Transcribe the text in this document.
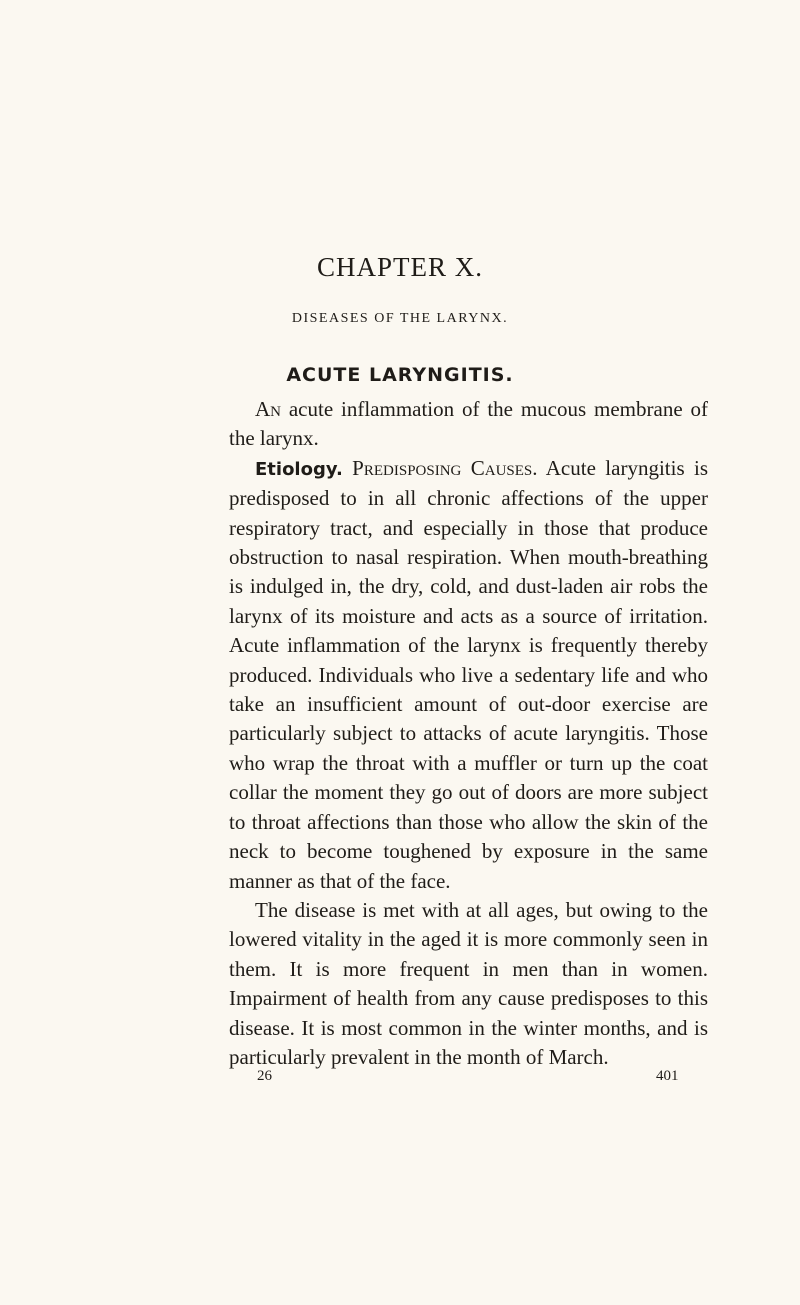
CHAPTER X.
DISEASES OF THE LARYNX.
ACUTE LARYNGITIS.

An acute inflammation of the mucous membrane of the larynx.

Etiology. Predisposing Causes. Acute laryngitis is predisposed to in all chronic affections of the upper respiratory tract, and especially in those that produce obstruction to nasal respiration. When mouth-breathing is indulged in, the dry, cold, and dust-laden air robs the larynx of its moisture and acts as a source of irritation. Acute inflammation of the larynx is frequently thereby produced. Individuals who live a sedentary life and who take an insufficient amount of out-door exercise are particularly subject to attacks of acute laryngitis. Those who wrap the throat with a muffler or turn up the coat collar the moment they go out of doors are more subject to throat affections than those who allow the skin of the neck to become toughened by exposure in the same manner as that of the face.

The disease is met with at all ages, but owing to the lowered vitality in the aged it is more commonly seen in them. It is more frequent in men than in women. Impairment of health from any cause predisposes to this disease. It is most common in the winter months, and is particularly prevalent in the month of March.

26	401
